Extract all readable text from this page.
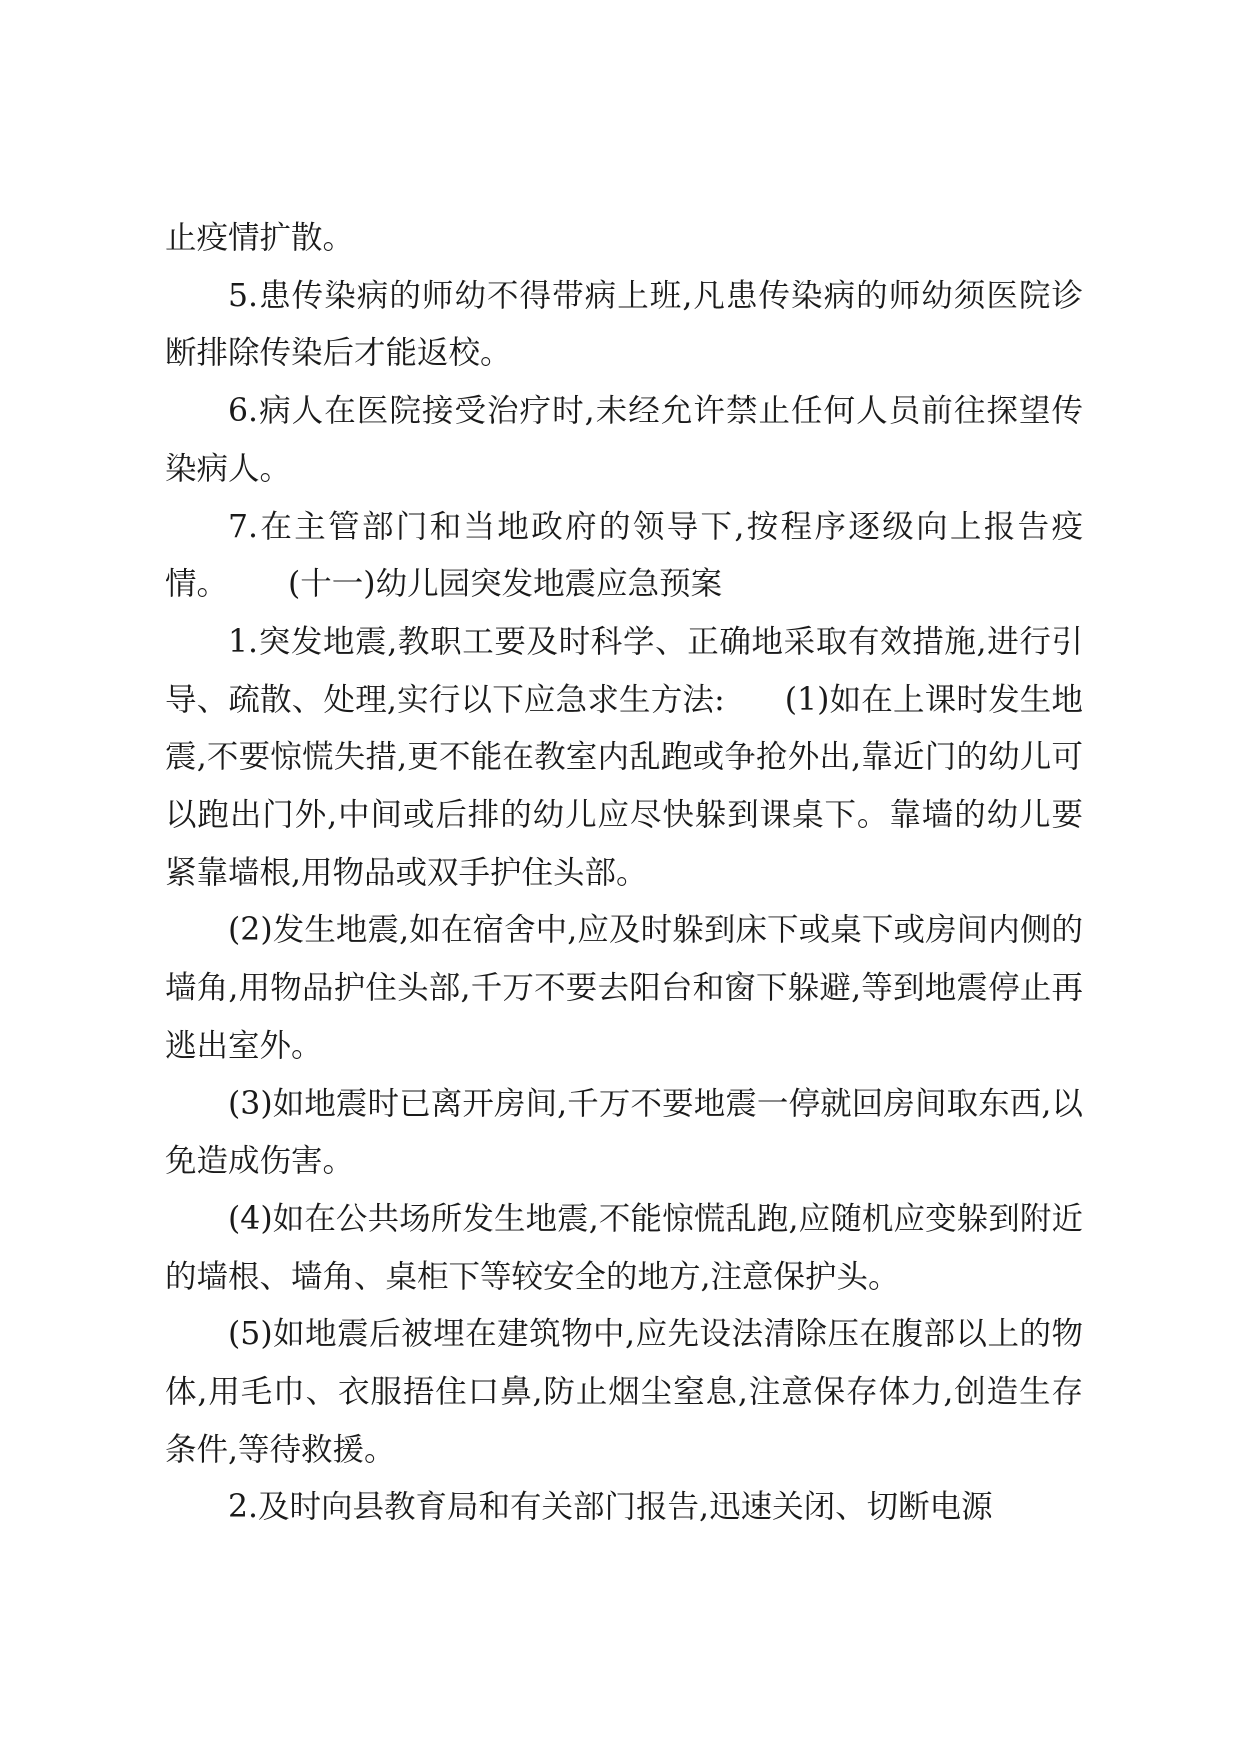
止疫情扩散。

5.患传染病的师幼不得带病上班,凡患传染病的师幼须医院诊断排除传染后才能返校。

6.病人在医院接受治疗时,未经允许禁止任何人员前往探望传染病人。

7.在主管部门和当地政府的领导下,按程序逐级向上报告疫情。 (十一)幼儿园突发地震应急预案

1.突发地震,教职工要及时科学、正确地采取有效措施,进行引导、疏散、处理,实行以下应急求生方法: (1)如在上课时发生地震,不要惊慌失措,更不能在教室内乱跑或争抢外出,靠近门的幼儿可以跑出门外,中间或后排的幼儿应尽快躲到课桌下。靠墙的幼儿要紧靠墙根,用物品或双手护住头部。

(2)发生地震,如在宿舍中,应及时躲到床下或桌下或房间内侧的墙角,用物品护住头部,千万不要去阳台和窗下躲避,等到地震停止再逃出室外。

(3)如地震时已离开房间,千万不要地震一停就回房间取东西,以免造成伤害。

(4)如在公共场所发生地震,不能惊慌乱跑,应随机应变躲到附近的墙根、墙角、桌柜下等较安全的地方,注意保护头。

(5)如地震后被埋在建筑物中,应先设法清除压在腹部以上的物体,用毛巾、衣服捂住口鼻,防止烟尘窒息,注意保存体力,创造生存条件,等待救援。

2.及时向县教育局和有关部门报告,迅速关闭、切断电源
